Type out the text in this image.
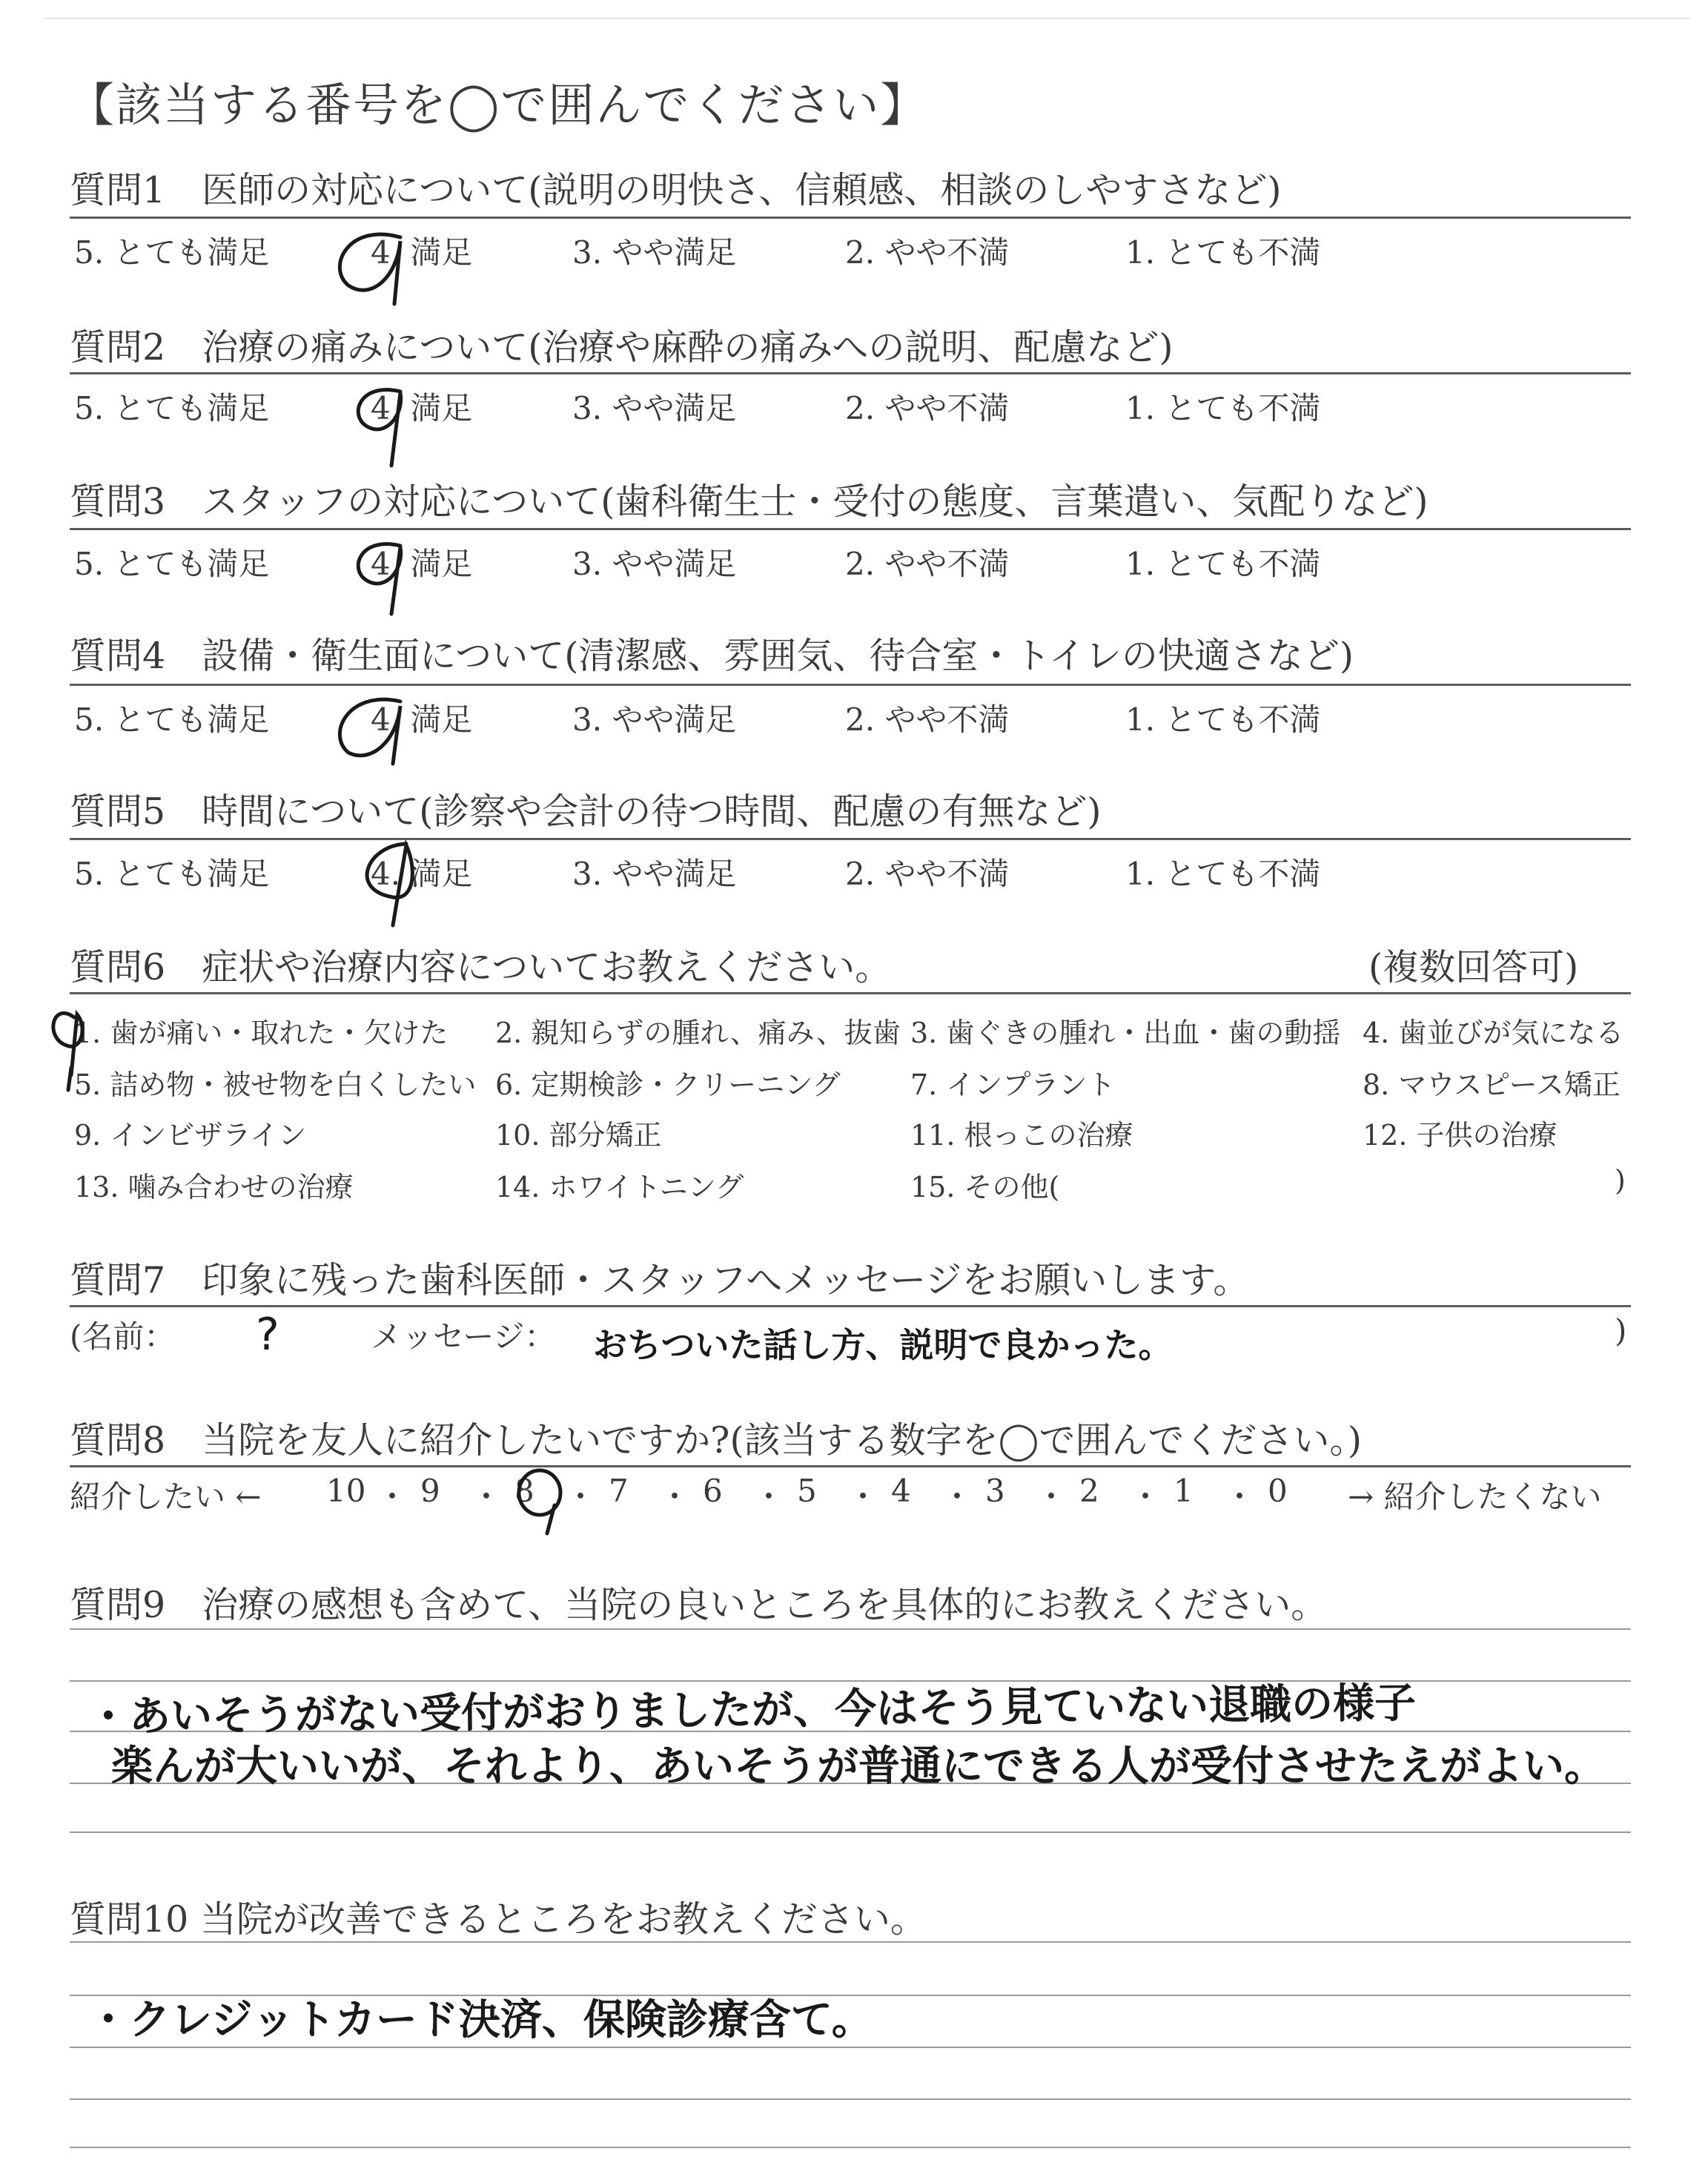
【該当する番号を◯で囲んでください】
質問1　医師の対応について(説明の明快さ、信頼感、相談のしやすさなど)
5. とても満足	4. 満足	3. やや満足	2. やや不満	1. とても不満
質問2　治療の痛みについて(治療や麻酔の痛みへの説明、配慮など)
5. とても満足	4. 満足	3. やや満足	2. やや不満	1. とても不満
質問3　スタッフの対応について(歯科衛生士・受付の態度、言葉遣い、気配りなど)
5. とても満足	4. 満足	3. やや満足	2. やや不満	1. とても不満
質問4　設備・衛生面について(清潔感、雰囲気、待合室・トイレの快適さなど)
5. とても満足	4. 満足	3. やや満足	2. やや不満	1. とても不満
質問5　時間について(診察や会計の待つ時間、配慮の有無など)
5. とても満足	4. 満足	3. やや満足	2. やや不満	1. とても不満
質問6　症状や治療内容についてお教えください。	(複数回答可)
1. 歯が痛い・取れた・欠けた 2. 親知らずの腫れ、痛み、抜歯 3. 歯ぐきの腫れ・出血・歯の動揺 4. 歯並びが気になる
5. 詰め物・被せ物を白くしたい 6. 定期検診・クリーニング 7. インプラント	8. マウスピース矯正
9. インビザライン	10. 部分矯正	11. 根っこの治療	12. 子供の治療
13. 噛み合わせの治療	14. ホワイトニング	15. その他(	)
質問7　印象に残った歯科医師・スタッフへメッセージをお願いします。
(名前： ?	メッセージ： おちついた話し方、説明で良かった。	)
質問8　当院を友人に紹介したいですか?(該当する数字を◯で囲んでください。)
紹介したい ← 10 ・ 9 ・ 8 ・ 7 ・ 6 ・ 5 ・ 4 ・ 3 ・ 2 ・ 1 ・ 0 → 紹介したくない
質問9　治療の感想も含めて、当院の良いところを具体的にお教えください。
・あいそうがない受付がおりましたが、今はそう見ていない退職の様子
楽んが大いいが、それより、あいそうが普通にできる人が受付させたえがよい。
質問10 当院が改善できるところをお教えください。
・クレジットカード決済、保険診療含て。
